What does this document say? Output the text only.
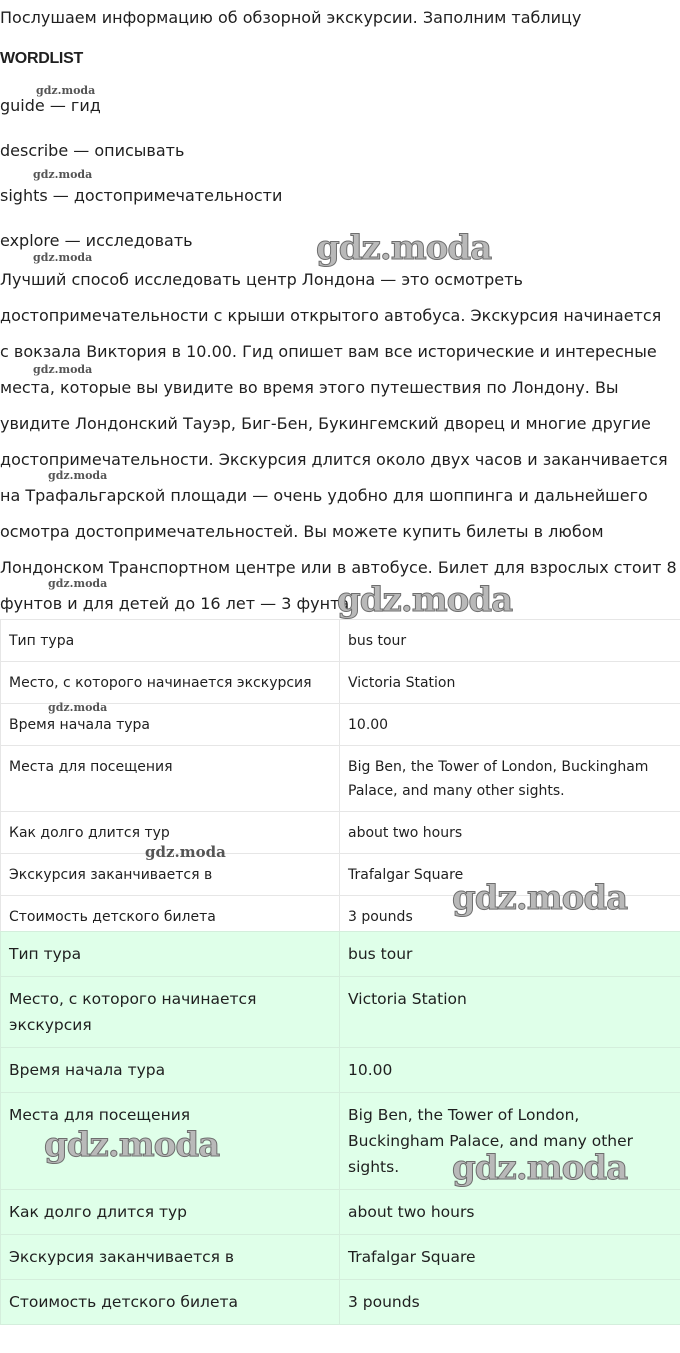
Послушаем информацию об обзорной экскурсии. Заполним таблицу
WORDLIST
guide — гид
describe — описывать
sights — достопримечательности
explore — исследовать
Лучший способ исследовать центр Лондона — это осмотреть
достопримечательности с крыши открытого автобуса. Экскурсия начинается
с вокзала Виктория в 10.00. Гид опишет вам все исторические и интересные
места, которые вы увидите во время этого путешествия по Лондону. Вы
увидите Лондонский Тауэр, Биг-Бен, Букингемский дворец и многие другие
достопримечательности. Экскурсия длится около двух часов и заканчивается
на Трафальгарской площади — очень удобно для шоппинга и дальнейшего
осмотра достопримечательностей. Вы можете купить билеты в любом
Лондонском Транспортном центре или в автобусе. Билет для взрослых стоит 8
фунтов и для детей до 16 лет — 3 фунта.
Тип тура	bus tour
Место, с которого начинается экскурсия	Victoria Station
Время начала тура	10.00
Места для посещения	Big Ben, the Tower of London, Buckingham Palace, and many other sights.
Как долго длится тур	about two hours
Экскурсия заканчивается в	Trafalgar Square
Стоимость детского билета	3 pounds
Тип тура	bus tour
Место, с которого начинается экскурсия	Victoria Station
Время начала тура	10.00
Места для посещения	Big Ben, the Tower of London, Buckingham Palace, and many other sights.
Как долго длится тур	about two hours
Экскурсия заканчивается в	Trafalgar Square
Стоимость детского билета	3 pounds
gdz.moda
gdz.moda
gdz.moda
gdz.moda
gdz.moda
gdz.moda
gdz.moda
gdz.moda
gdz.moda
gdz.moda
gdz.moda
gdz.moda
gdz.moda
